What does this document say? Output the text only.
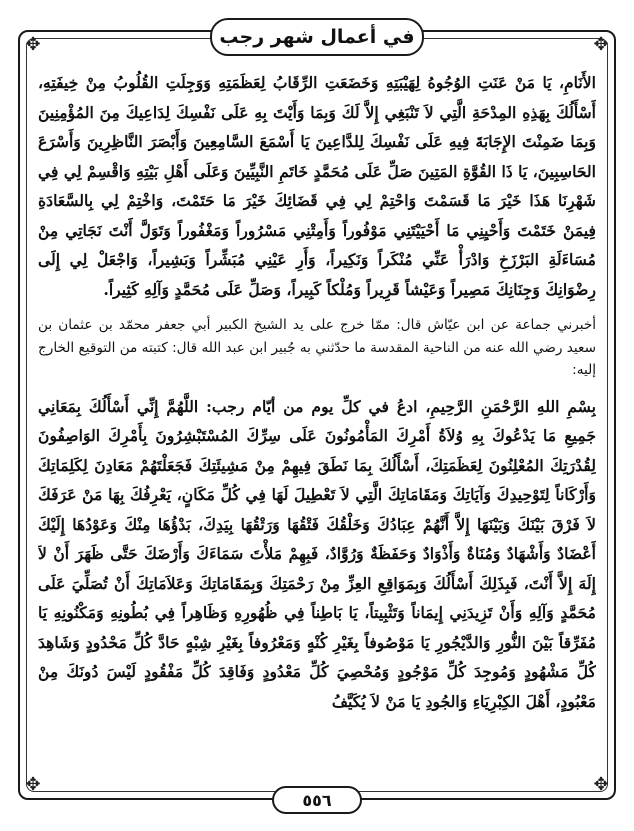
✥	✥
✥	✥
في أعمال شهر رجب

الأَنَامِ، يَا مَنْ عَنَتِ الوُجُوهُ لِهَيْبَتِهِ وَخَضَعَتِ الرِّقَابُ لِعَظَمَتِهِ وَوَجِلَتِ القُلُوبُ مِنْ خِيفَتِهِ، أَسْأَلُكَ بِهَذِهِ المِدْحَةِ الَّتِي لاَ تَنْبَغِي إِلاَّ لَكَ وَبِمَا وَأَيْتَ بِهِ عَلَى نَفْسِكَ لِدَاعِيكَ مِنَ المُؤْمِنِينَ وَبِمَا ضَمِنْتَ الإِجَابَةَ فِيهِ عَلَى نَفْسِكَ لِلدَّاعِينَ يَا أَسْمَعَ السَّامِعِينَ وَأَبْصَرَ النَّاظِرِينَ وَأَسْرَعَ الحَاسِبِينَ، يَا ذَا القُوَّةِ المَتِينَ صَلِّ عَلَى مُحَمَّدٍ خَاتَمِ النَّبِيِّينَ وَعَلَى أَهْلِ بَيْتِهِ وَاقْسِمْ لِي فِي شَهْرِنَا هَذَا خَيْرَ مَا قَسَمْتَ وَاحْتِمْ لِي فِي قَضَائِكَ خَيْرَ مَا حَتَمْتَ، وَاخْتِمْ لِي بِالسَّعَادَةِ فِيمَنْ خَتَمْتَ وَأَحْيِنِي مَا أَحْيَيْتَنِي مَوْفُوراً وَأَمِتْنِي مَسْرُوراً وَمَغْفُوراً وَتَوَلَّ أَنْتَ نَجَاتِي مِنْ مُسَاءَلَةِ البَرْزَخِ وَادْرَأْ عَنِّي مُنْكَراً وَنَكِيراً، وَأَرِ عَيْنِي مُبَشِّراً وَبَشِيراً، وَاجْعَلْ لِي إِلَى رِضْوَانِكَ وَجِنَانِكَ مَصِيراً وَعَيْشاً قَرِيراً وَمُلْكاً كَبِيراً، وَصَلِّ عَلَى مُحَمَّدٍ وَآلِهِ كَثِيراً.

أخبرني جماعة عن ابن عيّاش قال: ممّا خرج على يد الشيخ الكبير أبي جعفر محمّد بن عثمان بن سعيد رضي الله عنه من الناحية المقدسة ما حدّثني به جُبير ابن عبد الله قال: كتبته من التوقيع الخارج إليه:

بِسْمِ اللهِ الرَّحْمَنِ الرَّحِيمِ، ادعُ في كلِّ يوم من أيّام رجب: اللَّهُمَّ إِنِّي أَسْأَلُكَ بِمَعَانِي جَمِيعِ مَا يَدْعُوكَ بِهِ وُلاَةُ أَمْرِكَ المَأْمُونُونَ عَلَى سِرِّكَ المُسْتَبْشِرُونَ بِأَمْرِكَ الوَاصِفُونَ لِقُدْرَتِكَ المُعْلِنُونَ لِعَظَمَتِكَ، أَسْأَلُكَ بِمَا نَطَقَ فِيهِمْ مِنْ مَشِيئَتِكَ فَجَعَلْتَهُمْ مَعَادِنَ لِكَلِمَاتِكَ وَأَرْكَاناً لِتَوْحِيدِكَ وَآيَاتِكَ وَمَقَامَاتِكَ الَّتِي لاَ تَعْطِيلَ لَهَا فِي كُلِّ مَكَانٍ، يَعْرِفُكَ بِهَا مَنْ عَرَفَكَ لاَ فَرْقَ بَيْنَكَ وَبَيْنَهَا إِلاَّ أَنَّهُمْ عِبَادُكَ وَخَلْقُكَ فَتْقُهَا وَرَتْقُهَا بِيَدِكَ، بَدْؤُهَا مِنْكَ وَعَوْدُهَا إِلَيْكَ أَعْضَادٌ وَأَشْهَادٌ وَمُنَاةٌ وَأَذْوَادٌ وَحَفَظَةٌ وَرُوَّادٌ، فَبِهِمْ مَلأْتَ سَمَاءَكَ وَأَرْضَكَ حَتَّى ظَهَرَ أَنْ لاَ إِلَهَ إِلاَّ أَنْتَ، فَبِذَلِكَ أَسْأَلُكَ وَبِمَوَاقِعِ العِزِّ مِنْ رَحْمَتِكَ وَبِمَقَامَاتِكَ وَعَلاَمَاتِكَ أَنْ تُصَلِّيَ عَلَى مُحَمَّدٍ وَآلِهِ وَأَنْ تَزِيدَنِي إِيمَاناً وَتَثْبِيتاً، يَا بَاطِناً فِي ظُهُورِهِ وَظَاهِراً فِي بُطُونِهِ وَمَكْنُونِهِ يَا مُفَرِّقاً بَيْنَ النُّورِ وَالدَّيْجُورِ يَا مَوْصُوفاً بِغَيْرِ كُنْهٍ وَمَعْرُوفاً بِغَيْرِ شِبْهٍ حَادَّ كُلِّ مَحْدُودٍ وَشَاهِدَ كُلِّ مَشْهُودٍ وَمُوجِدَ كُلِّ مَوْجُودٍ وَمُحْصِيَ كُلِّ مَعْدُودٍ وَفَاقِدَ كُلِّ مَفْقُودٍ لَيْسَ دُونَكَ مِنْ مَعْبُودٍ، أَهْلَ الكِبْرِيَاءِ وَالجُودِ يَا مَنْ لاَ يُكَيَّفُ

٥٥٦
